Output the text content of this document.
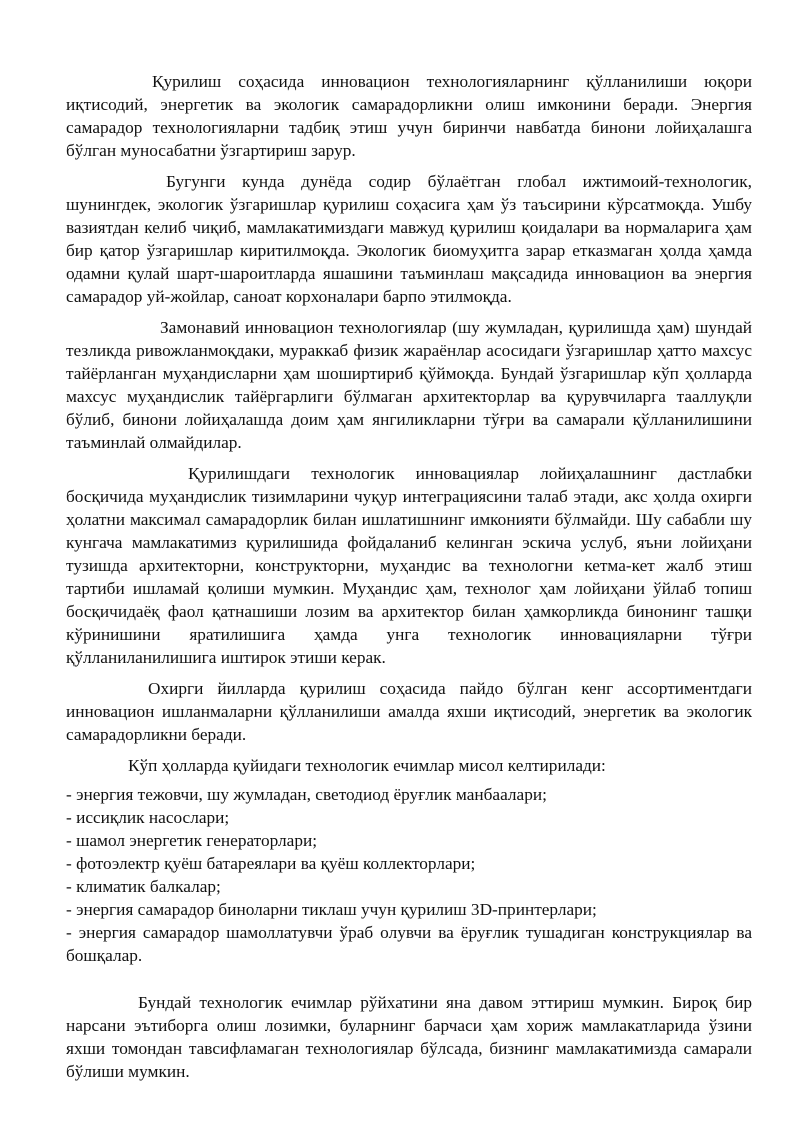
Қурилиш соҳасида инновацион технологияларнинг қўлланилиши юқори иқтисодий, энергетик ва экологик самарадорликни олиш имконини беради. Энергия самарадор технологияларни тадбиқ этиш учун биринчи навбатда бинони лойиҳалашга бўлган муносабатни ўзгартириш зарур.

Бугунги кунда дунёда содир бўлаётган глобал ижтимоий-технологик, шунингдек, экологик ўзгаришлар қурилиш соҳасига ҳам ўз таъсирини кўрсатмоқда. Ушбу вазиятдан келиб чиқиб, мамлакатимиздаги мавжуд қурилиш қоидалари ва нормаларига ҳам бир қатор ўзгаришлар киритилмоқда. Экологик биомуҳитга зарар етказмаган ҳолда ҳамда одамни қулай шарт-шароитларда яшашини таъминлаш мақсадида инновацион ва энергия самарадор уй-жойлар, саноат корхоналари барпо этилмоқда.

Замонавий инновацион технологиялар (шу жумладан, қурилишда ҳам) шундай тезликда ривожланмоқдаки, мураккаб физик жараёнлар асосидаги ўзгаришлар ҳатто махсус тайёрланган муҳандисларни ҳам шоширтириб қўймоқда. Бундай ўзгаришлар кўп ҳолларда махсус муҳандислик тайёргарлиги бўлмаган архитекторлар ва қурувчиларга тааллуқли бўлиб, бинони лойиҳалашда доим ҳам янгиликларни тўғри ва самарали қўлланилишини таъминлай олмайдилар.

Қурилишдаги технологик инновациялар лойиҳалашнинг дастлабки босқичида муҳандислик тизимларини чуқур интеграциясини талаб этади, акс ҳолда охирги ҳолатни максимал самарадорлик билан ишлатишнинг имконияти бўлмайди. Шу сабабли шу кунгача мамлакатимиз қурилишида фойдаланиб келинган эскича услуб, яъни лойиҳани тузишда архитекторни, конструкторни, муҳандис ва технологни кетма-кет жалб этиш тартиби ишламай қолиши мумкин. Муҳандис ҳам, технолог ҳам лойиҳани ўйлаб топиш босқичидаёқ фаол қатнашиши лозим ва архитектор билан ҳамкорликда бинонинг ташқи кўринишини яратилишига ҳамда унга технологик инновацияларни тўғри қўлланиланилишига иштирок этиши керак.

Охирги йилларда қурилиш соҳасида пайдо бўлган кенг ассортиментдаги инновацион ишланмаларни қўлланилиши амалда яхши иқтисодий, энергетик ва экологик самарадорликни беради.

Кўп ҳолларда қуйидаги технологик ечимлар мисол келтирилади:

- энергия тежовчи, шу жумладан, светодиод ёруғлик манбаалари;
- иссиқлик насослари;
- шамол энергетик генераторлари;
- фотоэлектр қуёш батареялари ва қуёш коллекторлари;
- климатик балкалар;
- энергия самарадор биноларни тиклаш учун қурилиш 3D-принтерлари;
- энергия самарадор шамоллатувчи ўраб олувчи ва ёруғлик тушадиган конструкциялар ва бошқалар.

Бундай технологик ечимлар рўйхатини яна давом эттириш мумкин. Бироқ бир нарсани эътиборга олиш лозимки, буларнинг барчаси ҳам хориж мамлакатларида ўзини яхши томондан тавсифламаган технологиялар бўлсада, бизнинг мамлакатимизда самарали бўлиши мумкин.
